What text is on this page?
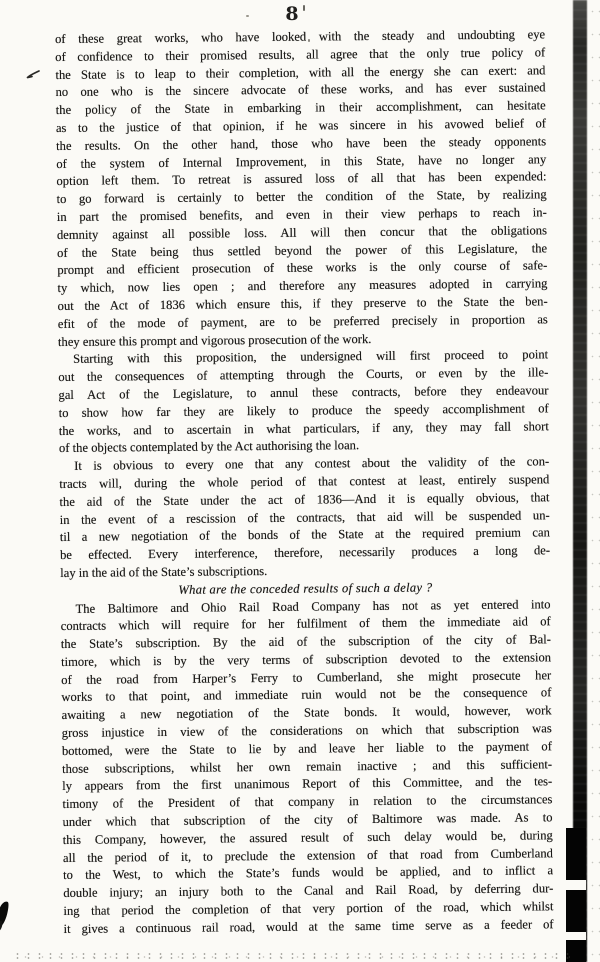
8
of these great works, who have looked with the steady and undoubting eye
of confidence to their promised results, all agree that the only true policy of
the State is to leap to their completion, with all the energy she can exert: and
no one who is the sincere advocate of these works, and has ever sustained
the policy of the State in embarking in their accomplishment, can hesitate
as to the justice of that opinion, if he was sincere in his avowed belief of
the results. On the other hand, those who have been the steady opponents
of the system of Internal Improvement, in this State, have no longer any
option left them. To retreat is assured loss of all that has been expended:
to go forward is certainly to better the condition of the State, by realizing
in part the promised benefits, and even in their view perhaps to reach in-
demnity against all possible loss. All will then concur that the obligations
of the State being thus settled beyond the power of this Legislature, the
prompt and efficient prosecution of these works is the only course of safe-
ty which, now lies open ; and therefore any measures adopted in carrying
out the Act of 1836 which ensure this, if they preserve to the State the ben-
efit of the mode of payment, are to be preferred precisely in proportion as
they ensure this prompt and vigorous prosecution of the work.
Starting with this proposition, the undersigned will first proceed to point
out the consequences of attempting through the Courts, or even by the ille-
gal Act of the Legislature, to annul these contracts, before they endeavour
to show how far they are likely to produce the speedy accomplishment of
the works, and to ascertain in what particulars, if any, they may fall short
of the objects contemplated by the Act authorising the loan.
It is obvious to every one that any contest about the validity of the con-
tracts will, during the whole period of that contest at least, entirely suspend
the aid of the State under the act of 1836—And it is equally obvious, that
in the event of a rescission of the contracts, that aid will be suspended un-
til a new negotiation of the bonds of the State at the required premium can
be effected. Every interference, therefore, necessarily produces a long de-
lay in the aid of the State’s subscriptions.
What are the conceded results of such a delay ?
The Baltimore and Ohio Rail Road Company has not as yet entered into
contracts which will require for her fulfilment of them the immediate aid of
the State’s subscription. By the aid of the subscription of the city of Bal-
timore, which is by the very terms of subscription devoted to the extension
of the road from Harper’s Ferry to Cumberland, she might prosecute her
works to that point, and immediate ruin would not be the consequence of
awaiting a new negotiation of the State bonds. It would, however, work
gross injustice in view of the considerations on which that subscription was
bottomed, were the State to lie by and leave her liable to the payment of
those subscriptions, whilst her own remain inactive ; and this sufficient-
ly appears from the first unanimous Report of this Committee, and the tes-
timony of the President of that company in relation to the circumstances
under which that subscription of the city of Baltimore was made. As to
this Company, however, the assured result of such delay would be, during
all the period of it, to preclude the extension of that road from Cumberland
to the West, to which the State’s funds would be applied, and to inflict a
double injury; an injury both to the Canal and Rail Road, by deferring dur-
ing that period the completion of that very portion of the road, which whilst
it gives a continuous rail road, would at the same time serve as a feeder of
